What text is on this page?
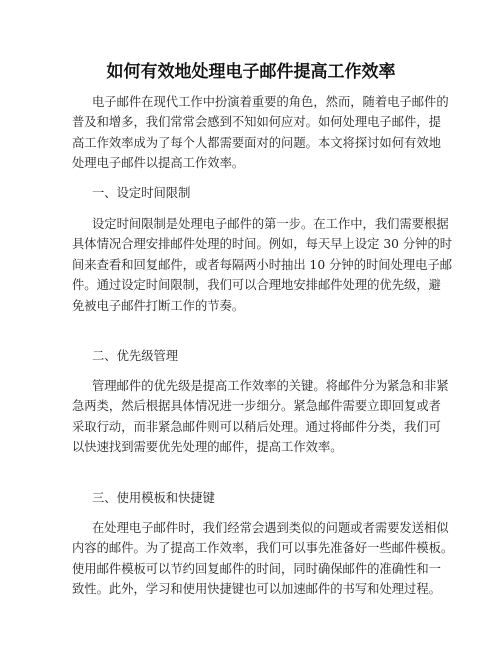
如何有效地处理电子邮件提高工作效率
电子邮件在现代工作中扮演着重要的角色，然而，随着电子邮件的
普及和增多，我们常常会感到不知如何应对。如何处理电子邮件，提
高工作效率成为了每个人都需要面对的问题。本文将探讨如何有效地
处理电子邮件以提高工作效率。
一、设定时间限制
设定时间限制是处理电子邮件的第一步。在工作中，我们需要根据
具体情况合理安排邮件处理的时间。例如，每天早上设定 30 分钟的时
间来查看和回复邮件，或者每隔两小时抽出 10 分钟的时间处理电子邮
件。通过设定时间限制，我们可以合理地安排邮件处理的优先级，避
免被电子邮件打断工作的节奏。
二、优先级管理
管理邮件的优先级是提高工作效率的关键。将邮件分为紧急和非紧
急两类，然后根据具体情况进一步细分。紧急邮件需要立即回复或者
采取行动，而非紧急邮件则可以稍后处理。通过将邮件分类，我们可
以快速找到需要优先处理的邮件，提高工作效率。
三、使用模板和快捷键
在处理电子邮件时，我们经常会遇到类似的问题或者需要发送相似
内容的邮件。为了提高工作效率，我们可以事先准备好一些邮件模板。
使用邮件模板可以节约回复邮件的时间，同时确保邮件的准确性和一
致性。此外，学习和使用快捷键也可以加速邮件的书写和处理过程。
